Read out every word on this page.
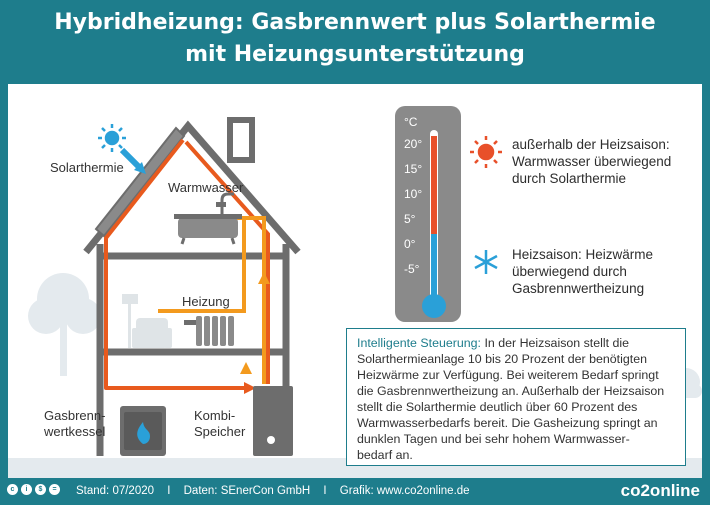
Hybridheizung: Gasbrennwert plus Solarthermie
mit Heizungsunterstützung
Solarthermie
Warmwasser
Heizung
Gasbrenn-
wertkessel
Kombi-
Speicher
°C
20°
15°
10°
5°
0°
-5°
außerhalb der Heizsaison:
Warmwasser überwiegend
durch Solarthermie
Heizsaison: Heizwärme
überwiegend durch
Gasbrennwertheizung
Intelligente Steuerung: In der Heizsaison stellt die
Solarthermieanlage 10 bis 20 Prozent der benötigten
Heizwärme zur Verfügung. Bei weiterem Bedarf springt
die Gasbrennwertheizung an. Außerhalb der Heizsaison
stellt die Solarthermie deutlich über 60 Prozent des
Warmwasserbedarfs bereit. Die Gasheizung springt an
dunklen Tagen und bei sehr hohem Warmwasser-
bedarf an.
c	i	$	=	Stand: 07/2020 I Daten: SEnerCon GmbH I Grafik: www.co2online.de	co2online
